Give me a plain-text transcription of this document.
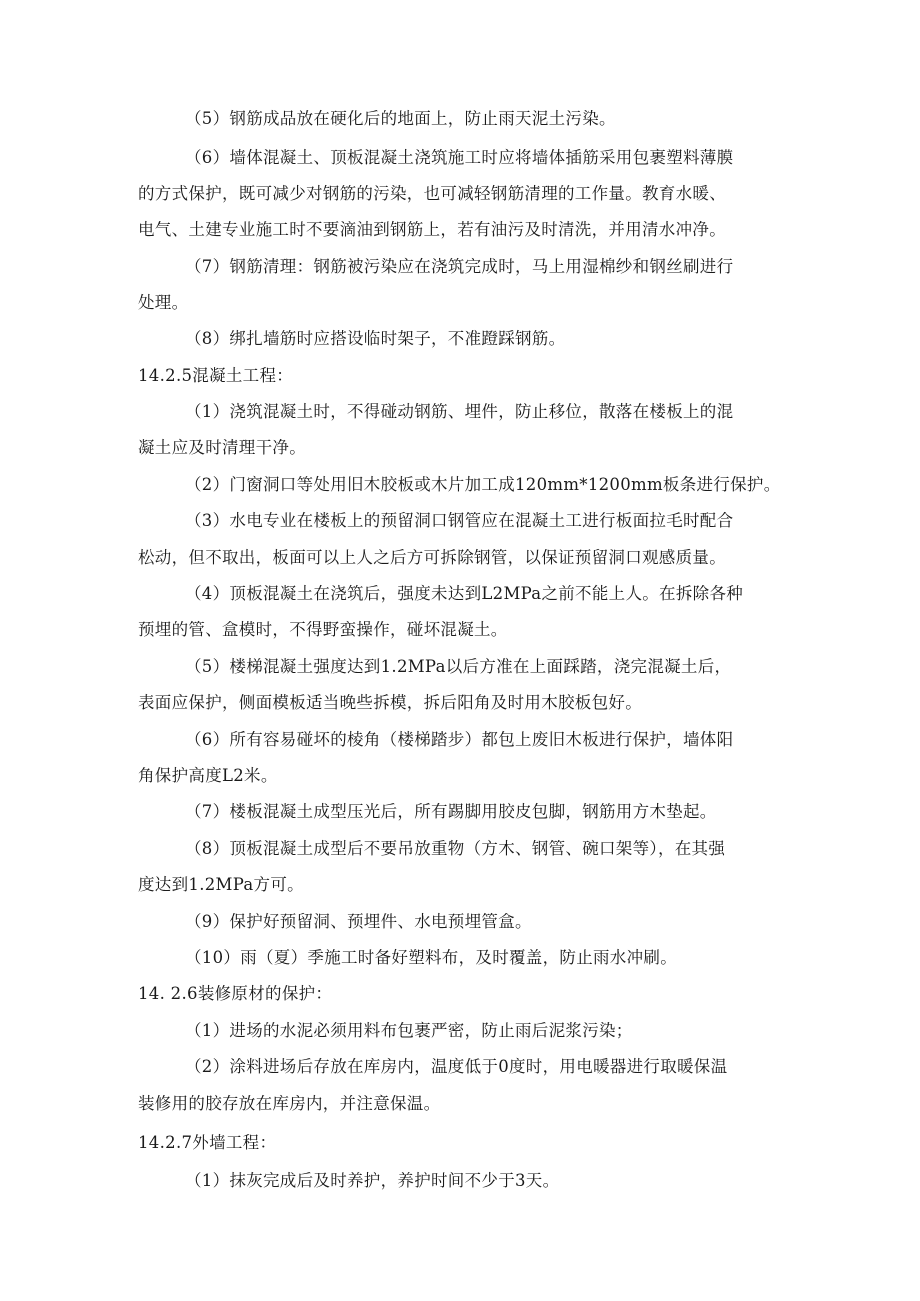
（5）钢筋成品放在硬化后的地面上，防止雨天泥土污染。
（6）墙体混凝土、顶板混凝土浇筑施工时应将墙体插筋采用包裹塑料薄膜
的方式保护，既可减少对钢筋的污染，也可减轻钢筋清理的工作量。教育水暖、
电气、土建专业施工时不要滴油到钢筋上，若有油污及时清洗，并用清水冲净。
（7）钢筋清理：钢筋被污染应在浇筑完成时，马上用湿棉纱和钢丝刷进行
处理。
（8）绑扎墙筋时应搭设临时架子，不准蹬踩钢筋。
14.2.5混凝土工程：
（1）浇筑混凝土时，不得碰动钢筋、埋件，防止移位，散落在楼板上的混
凝土应及时清理干净。
（2）门窗洞口等处用旧木胶板或木片加工成120mm*1200mm板条进行保护。
（3）水电专业在楼板上的预留洞口钢管应在混凝土工进行板面拉毛时配合
松动，但不取出，板面可以上人之后方可拆除钢管，以保证预留洞口观感质量。
（4）顶板混凝土在浇筑后，强度未达到L2MPa之前不能上人。在拆除各种
预埋的管、盒模时，不得野蛮操作，碰坏混凝土。
（5）楼梯混凝土强度达到1.2MPa以后方准在上面踩踏，浇完混凝土后，
表面应保护，侧面模板适当晚些拆模，拆后阳角及时用木胶板包好。
（6）所有容易碰坏的棱角（楼梯踏步）都包上废旧木板进行保护，墙体阳
角保护高度L2米。
（7）楼板混凝土成型压光后，所有踢脚用胶皮包脚，钢筋用方木垫起。
（8）顶板混凝土成型后不要吊放重物（方木、钢管、碗口架等），在其强
度达到1.2MPa方可。
（9）保护好预留洞、预埋件、水电预埋管盒。
（10）雨（夏）季施工时备好塑料布，及时覆盖，防止雨水冲刷。
14. 2.6装修原材的保护：
（1）进场的水泥必须用料布包裹严密，防止雨后泥浆污染；
（2）涂料进场后存放在库房内，温度低于0度时，用电暖器进行取暖保温
装修用的胶存放在库房内，并注意保温。
14.2.7外墙工程：
（1）抹灰完成后及时养护，养护时间不少于3天。
